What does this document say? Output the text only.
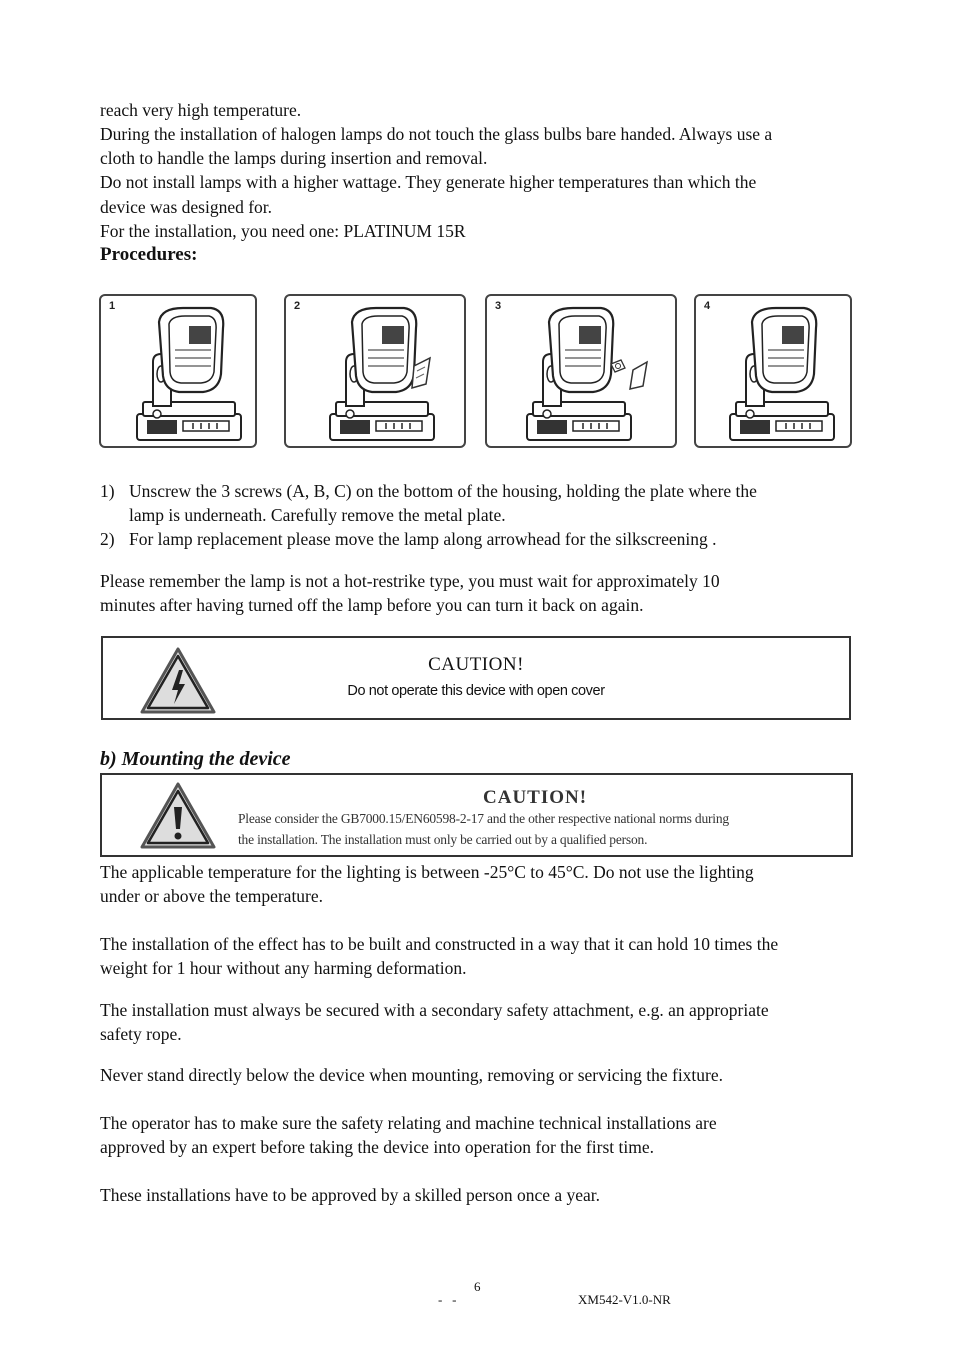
reach very high temperature.

During the installation of halogen lamps do not touch the glass bulbs bare handed. Always use a

cloth to handle the lamps during insertion and removal.

Do not install lamps with a higher wattage. They generate higher temperatures than which the

device was designed for.

For the installation, you need one: PLATINUM 15R

Procedures:

1	2	3	4
1) Unscrew the 3 screws (A, B, C) on the bottom of the housing, holding the plate where the

lamp is underneath. Carefully remove the metal plate.

2) For lamp replacement please move the lamp along arrowhead for the silkscreening .

Please remember the lamp is not a hot-restrike type, you must wait for approximately 10

minutes after having turned off the lamp before you can turn it back on again.

CAUTION!
Do not operate this device with open cover

b) Mounting the device

CAUTION!
Please consider the GB7000.15/EN60598-2-17 and the other respective national norms during
the installation. The installation must only be carried out by a qualified person.

The applicable temperature for the lighting is between -25°C to 45°C. Do not use the lighting

under or above the temperature.

The installation of the effect has to be built and constructed in a way that it can hold 10 times the

weight for 1 hour without any harming deformation.

The installation must always be secured with a secondary safety attachment, e.g. an appropriate

safety rope.

Never stand directly below the device when mounting, removing or servicing the fixture.

The operator has to make sure the safety relating and machine technical installations are

approved by an expert before taking the device into operation for the first time.

These installations have to be approved by a skilled person once a year.

6
-   -	XM542-V1.0-NR
